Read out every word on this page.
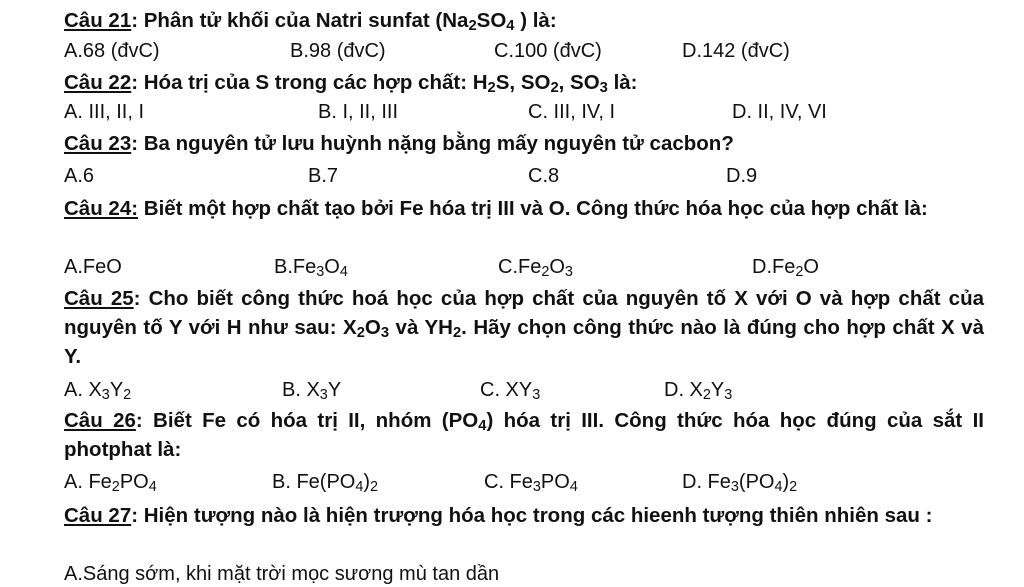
Câu 21: Phân tử khối của Natri sunfat ($Na_2SO_4$ ) là:
A.68 (đvC)	B.98 (đvC)	C.100 (đvC)	D.142 (đvC)
Câu 22: Hóa trị của S trong các hợp chất: $H_2S$, $SO_2$, $SO_3$ là:
A. III, II, I	B. I, II, III	C. III, IV, I	D. II, IV, VI
Câu 23: Ba nguyên tử lưu huỳnh nặng bằng mấy nguyên tử cacbon?
A.6	B.7	C.8	D.9
Câu 24: Biết một hợp chất tạo bởi Fe hóa trị III và O. Công thức hóa học của hợp chất là:
A.FeO	$B.Fe_3O_4$	$C.Fe_2O_3$	$D.Fe_2O$
Câu 25: Cho biết công thức hoá học của hợp chất của nguyên tố X với O và hợp chất của nguyên tố Y với H như sau: $X_2O_3$ và $YH_2$. Hãy chọn công thức nào là đúng cho hợp chất X và Y.
A. $X_3Y_2$	B. $X_3Y$	C. $XY_3$	D. $X_2Y_3$
Câu 26: Biết Fe có hóa trị II, nhóm $(PO_4)$ hóa trị III. Công thức hóa học đúng của sắt II photphat là:
A. $Fe_2PO_4$	B. $Fe(PO_4)_2$	C. $Fe_3PO_4$	D. $Fe_3(PO_4)_2$
Câu 27: Hiện tượng nào là hiện trượng hóa học trong các hieenh tượng thiên nhiên sau :
A.Sáng sớm, khi mặt trời mọc sương mù tan dần
